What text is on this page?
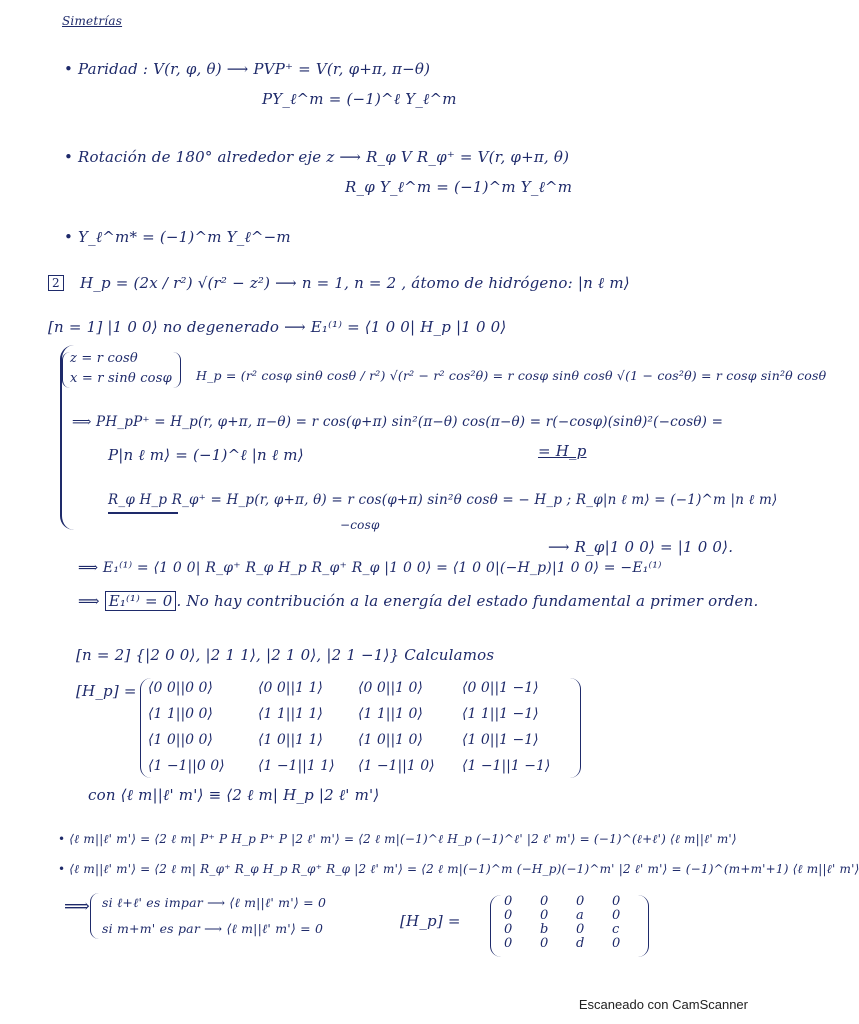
Simetrías
• Paridad : V(r, φ, θ) ⟶ PVP⁺ = V(r, φ+π, π−θ)
PY_ℓ^m = (−1)^ℓ Y_ℓ^m
• Rotación de 180° alrededor eje z ⟶ R_φ V R_φ⁺ = V(r, φ+π, θ)
R_φ Y_ℓ^m = (−1)^m Y_ℓ^m
• Y_ℓ^m* = (−1)^m Y_ℓ^−m
2 H_p = (2x / r²) √(r² − z²) ⟶ n = 1, n = 2 , átomo de hidrógeno: |n ℓ m⟩
[n = 1] |1 0 0⟩ no degenerado ⟶ E₁⁽¹⁾ = ⟨1 0 0| H_p |1 0 0⟩
z = r cosθ
x = r sinθ cosφ H_p = (r² cosφ sinθ cosθ / r²) √(r² − r² cos²θ) = r cosφ sinθ cosθ √(1 − cos²θ) = r cosφ sin²θ cosθ
⟹ PH_pP⁺ = H_p(r, φ+π, π−θ) = r cos(φ+π) sin²(π−θ) cos(π−θ) = r(−cosφ)(sinθ)²(−cosθ) =
= H_p
P|n ℓ m⟩ = (−1)^ℓ |n ℓ m⟩
R_φ H_p R_φ⁺ = H_p(r, φ+π, θ) = r cos(φ+π) sin²θ cosθ = − H_p ; R_φ|n ℓ m⟩ = (−1)^m |n ℓ m⟩
−cosφ
⟶ R_φ|1 0 0⟩ = |1 0 0⟩.
⟹ E₁⁽¹⁾ = ⟨1 0 0| R_φ⁺ R_φ H_p R_φ⁺ R_φ |1 0 0⟩ = ⟨1 0 0|(−H_p)|1 0 0⟩ = −E₁⁽¹⁾
⟹ E₁⁽¹⁾ = 0 . No hay contribución a la energía del estado fundamental a primer orden.
[n = 2] {|2 0 0⟩, |2 1 1⟩, |2 1 0⟩, |2 1 −1⟩} Calculamos
[H_p] = ⟨0 0||0 0⟩	⟨0 0||1 1⟩	⟨0 0||1 0⟩	⟨0 0||1 −1⟩
⟨1 1||0 0⟩	⟨1 1||1 1⟩	⟨1 1||1 0⟩	⟨1 1||1 −1⟩
⟨1 0||0 0⟩	⟨1 0||1 1⟩	⟨1 0||1 0⟩	⟨1 0||1 −1⟩
⟨1 −1||0 0⟩	⟨1 −1||1 1⟩	⟨1 −1||1 0⟩	⟨1 −1||1 −1⟩
con ⟨ℓ m||ℓ' m'⟩ ≡ ⟨2 ℓ m| H_p |2 ℓ' m'⟩
• ⟨ℓ m||ℓ' m'⟩ = ⟨2 ℓ m| P⁺ P H_p P⁺ P |2 ℓ' m'⟩ = ⟨2 ℓ m|(−1)^ℓ H_p (−1)^ℓ' |2 ℓ' m'⟩ = (−1)^(ℓ+ℓ') ⟨ℓ m||ℓ' m'⟩
• ⟨ℓ m||ℓ' m'⟩ = ⟨2 ℓ m| R_φ⁺ R_φ H_p R_φ⁺ R_φ |2 ℓ' m'⟩ = ⟨2 ℓ m|(−1)^m (−H_p)(−1)^m' |2 ℓ' m'⟩ = (−1)^(m+m'+1) ⟨ℓ m||ℓ' m'⟩
⟹ si ℓ+ℓ' es impar ⟶ ⟨ℓ m||ℓ' m'⟩ = 0
si m+m' es par ⟶ ⟨ℓ m||ℓ' m'⟩ = 0	[H_p] =
0	0	0	0
0	0	a	0
0	b	0	c
0	0	d	0
Escaneado con CamScanner
